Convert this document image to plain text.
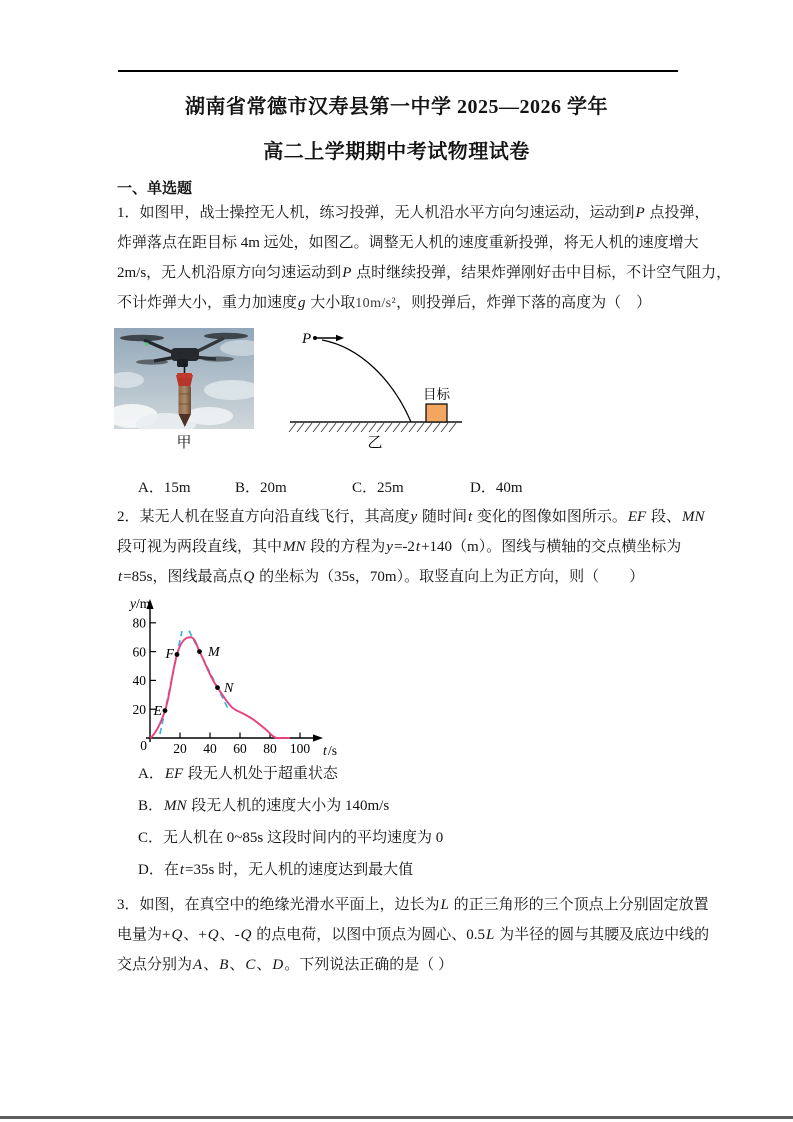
湖南省常德市汉寿县第一中学 2025—2026 学年
高二上学期期中考试物理试卷
一、单选题
1．如图甲，战士操控无人机，练习投弹，无人机沿水平方向匀速运动，运动到P 点投弹，
炸弹落点在距目标 4m 远处，如图乙。调整无人机的速度重新投弹，将无人机的速度增大
2m/s，无人机沿原方向匀速运动到P 点时继续投弹，结果炸弹刚好击中目标，不计空气阻力，
不计炸弹大小，重力加速度g 大小取10m/s²，则投弹后，炸弹下落的高度为（　）
甲
P
目标
乙
A．15m	B．20m	C．25m	D．40m
2．某无人机在竖直方向沿直线飞行，其高度y 随时间t 变化的图像如图所示。EF 段、MN
段可视为两段直线，其中MN 段的方程为y=-2t+140（m）。图线与横轴的交点横坐标为
t=85s，图线最高点Q 的坐标为（35s，70m）。取竖直向上为正方向，则（　　）
80
60
40
20
0 20 40 60 80 100
y /m
t /s
E
F M
N
A．EF 段无人机处于超重状态
B．MN 段无人机的速度大小为 140m/s
C．无人机在 0~85s 这段时间内的平均速度为 0
D．在t=35s 时，无人机的速度达到最大值
3．如图，在真空中的绝缘光滑水平面上，边长为L 的正三角形的三个顶点上分别固定放置
电量为+Q、+Q、-Q 的点电荷，以图中顶点为圆心、0.5L 为半径的圆与其腰及底边中线的
交点分别为A、B、C、D。下列说法正确的是（ ）
